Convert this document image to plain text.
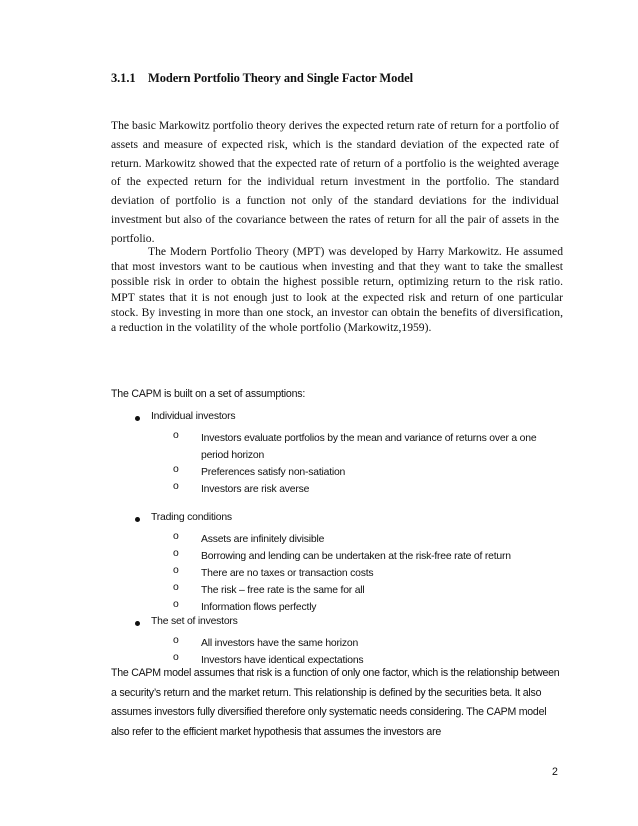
3.1.1 Modern Portfolio Theory and Single Factor Model

The basic Markowitz portfolio theory derives the expected return rate of return for a portfolio of assets and measure of expected risk, which is the standard deviation of the expected rate of return. Markowitz showed that the expected rate of return of a portfolio is the weighted average of the expected return for the individual return investment in the portfolio. The standard deviation of portfolio is a function not only of the standard deviations for the individual investment but also of the covariance between the rates of return for all the pair of assets in the portfolio.

The Modern Portfolio Theory (MPT) was developed by Harry Markowitz. He assumed that most investors want to be cautious when investing and that they want to take the smallest possible risk in order to obtain the highest possible return, optimizing return to the risk ratio. MPT states that it is not enough just to look at the expected risk and return of one particular stock. By investing in more than one stock, an investor can obtain the benefits of diversification, a reduction in the volatility of the whole portfolio (Markowitz,1959).

The CAPM is built on a set of assumptions:
Individual investors
o Investors evaluate portfolios by the mean and variance of returns over a one period horizon
o Preferences satisfy non-satiation
o Investors are risk averse
Trading conditions
o Assets are infinitely divisible
o Borrowing and lending can be undertaken at the risk-free rate of return
o There are no taxes or transaction costs
o The risk – free rate is the same for all
o Information flows perfectly
The set of investors
o All investors have the same horizon
o Investors have identical expectations

The CAPM model assumes that risk is a function of only one factor, which is the relationship between a security’s return and the market return. This relationship is defined by the securities beta. It also assumes investors fully diversified therefore only systematic needs considering. The CAPM model also refer to the efficient market hypothesis that assumes the investors are

2
